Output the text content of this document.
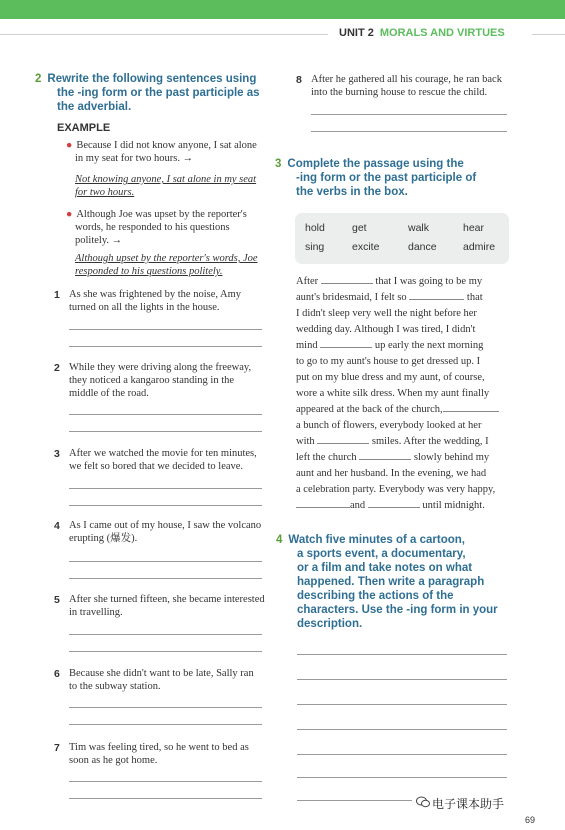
UNIT 2 MORALS AND VIRTUES
2 Rewrite the following sentences using
the -ing form or the past participle as
the adverbial.
EXAMPLE
● Because I did not know anyone, I sat alone
in my seat for two hours. →
Not knowing anyone, I sat alone in my seat
for two hours.
● Although Joe was upset by the reporter's
words, he responded to his questions
politely. →
Although upset by the reporter's words, Joe
responded to his questions politely.
1 As she was frightened by the noise, Amy
turned on all the lights in the house.
2 While they were driving along the freeway,
they noticed a kangaroo standing in the
middle of the road.
3 After we watched the movie for ten minutes,
we felt so bored that we decided to leave.
4 As I came out of my house, I saw the volcano
erupting (爆发).
5 After she turned fifteen, she became interested
in travelling.
6 Because she didn't want to be late, Sally ran
to the subway station.
7 Tim was feeling tired, so he went to bed as
soon as he got home.
8 After he gathered all his courage, he ran back
into the burning house to rescue the child.
3 Complete the passage using the
-ing form or the past participle of
the verbs in the box.
hold	get	walk	hear
sing	excite	dance	admire
After	that I was going to be my
aunt's bridesmaid, I felt so	that
I didn't sleep very well the night before her
wedding day. Although I was tired, I didn't
mind	up early the next morning
to go to my aunt's house to get dressed up. I
put on my blue dress and my aunt, of course,
wore a white silk dress. When my aunt finally
appeared at the back of the church,
a bunch of flowers, everybody looked at her
with	smiles. After the wedding, I
left the church	slowly behind my
aunt and her husband. In the evening, we had
a celebration party. Everybody was very happy,
and	until midnight.
4 Watch five minutes of a cartoon,
a sports event, a documentary,
or a film and take notes on what
happened. Then write a paragraph
describing the actions of the
characters. Use the -ing form in your
description.
电子课本助手
69
